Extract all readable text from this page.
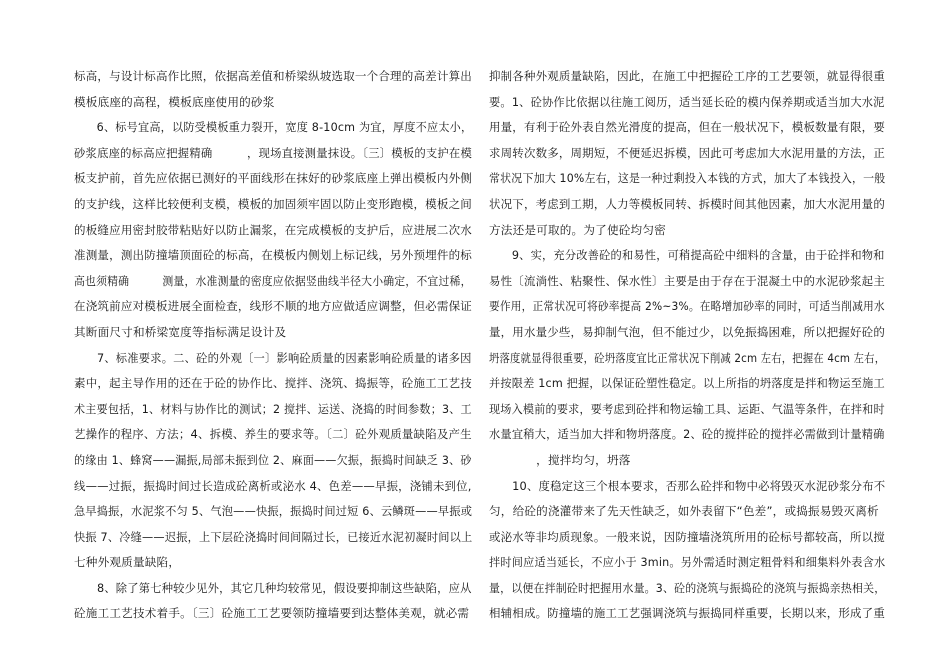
标高，与设计标高作比照，依据高差值和桥梁纵坡选取一个合理的高差计算出
模板底座的高程，模板底座使用的砂浆
　　6、标号宜高，以防受模板重力裂开，宽度 8-10cm 为宜，厚度不应太小，
砂浆底座的标高应把握精确　　　，现场直接测量抹设。〔三〕模板的支护在模
板支护前，首先应依据已测好的平面线形在抹好的砂浆底座上弹出模板内外侧
的支护线，这样比较便利支模，模板的加固须牢固以防止变形跑模，模板之间
的板缝应用密封胶带粘贴好以防止漏浆，在完成模板的支护后，应进展二次水
准测量，测出防撞墙顶面砼的标高，在模板内侧划上标记线，另外预埋件的标
高也须精确　　　测量，水准测量的密度应依据竖曲线半径大小确定，不宜过稀，
在浇筑前应对模板进展全面检查，线形不顺的地方应做适应调整，但必需保证
其断面尺寸和桥梁宽度等指标满足设计及
　　7、标准要求。二、砼的外观〔一〕影响砼质量的因素影响砼质量的诸多因
素中，起主导作用的还在于砼的协作比、搅拌、浇筑、捣振等，砼施工工艺技
术主要包括，1、材料与协作比的测试；2 搅拌、运送、浇捣的时间参数；3、工
艺操作的程序、方法；4、拆模、养生的要求等。〔二〕砼外观质量缺陷及产生
的缘由 1、蜂窝——漏振,局部未振到位 2、麻面——欠振，振捣时间缺乏 3、砂
线——过振，振捣时间过长造成砼离析或泌水 4、色差——早振，浇铺未到位,
急早捣振，水泥浆不匀 5、气泡——快振，振捣时间过短 6、云鳞斑——早振或
快振 7、冷缝——迟振，上下层砼浇捣时间间隔过长，已接近水泥初凝时间以上
七种外观质量缺陷，
　　8、除了第七种较少见外，其它几种均较常见，假设要抑制这些缺陷，应从
砼施工工艺技术着手。〔三〕砼施工工艺要领防撞墙要到达整体美观，就必需
抑制各种外观质量缺陷，因此，在施工中把握砼工序的工艺要领，就显得很重
要。1、砼协作比依据以往施工阅历，适当延长砼的模内保养期或适当加大水泥
用量，有利于砼外表自然光滑度的提高，但在一般状况下，模板数量有限，要
求周转次数多，周期短，不便延迟拆模，因此可考虑加大水泥用量的方法，正
常状况下加大 10%左右，这是一种过剩投入本钱的方式，加大了本钱投入，一般
状况下，考虑到工期，人力等模板同转、拆模时间其他因素，加大水泥用量的
方法还是可取的。为了使砼均匀密
　　9、实，充分改善砼的和易性，可稍提高砼中细料的含量，由于砼拌和物和
易性〔流淌性、粘聚性、保水性〕主要是由于存在于混凝土中的水泥砂浆起主
要作用，正常状况可将砂率提高 2%~3%。在略增加砂率的同时，可适当削减用水
量，用水量少些，易抑制气泡，但不能过少，以免振捣困难，所以把握好砼的
坍落度就显得很重要，砼坍落度宜比正常状况下削减 2cm 左右，把握在 4cm 左右，
并按限差 1cm 把握，以保证砼塑性稳定。以上所指的坍落度是拌和物运至施工
现场入模前的要求，要考虑到砼拌和物运输工具、运距、气温等条件，在拌和时
水量宜稍大，适当加大拌和物坍落度。2、砼的搅拌砼的搅拌必需做到计量精确
　　　　，搅拌均匀，坍落
　　10、度稳定这三个根本要求，否那么砼拌和物中必将毁灭水泥砂浆分布不
匀，给砼的浇灌带来了先天性缺乏，如外表留下“色差”，或捣振易毁灭离析
或泌水等非均质现象。一般来说，因防撞墙浇筑所用的砼标号都较高，所以搅
拌时间应适当延长，不应小于 3min。另外需适时测定粗骨料和细集料外表含水
量，以便在拌制砼时把握用水量。3、砼的浇筑与振捣砼的浇筑与振捣亲热相关，
相辅相成。防撞墙的施工工艺强调浇筑与振捣同样重要，长期以来，形成了重
